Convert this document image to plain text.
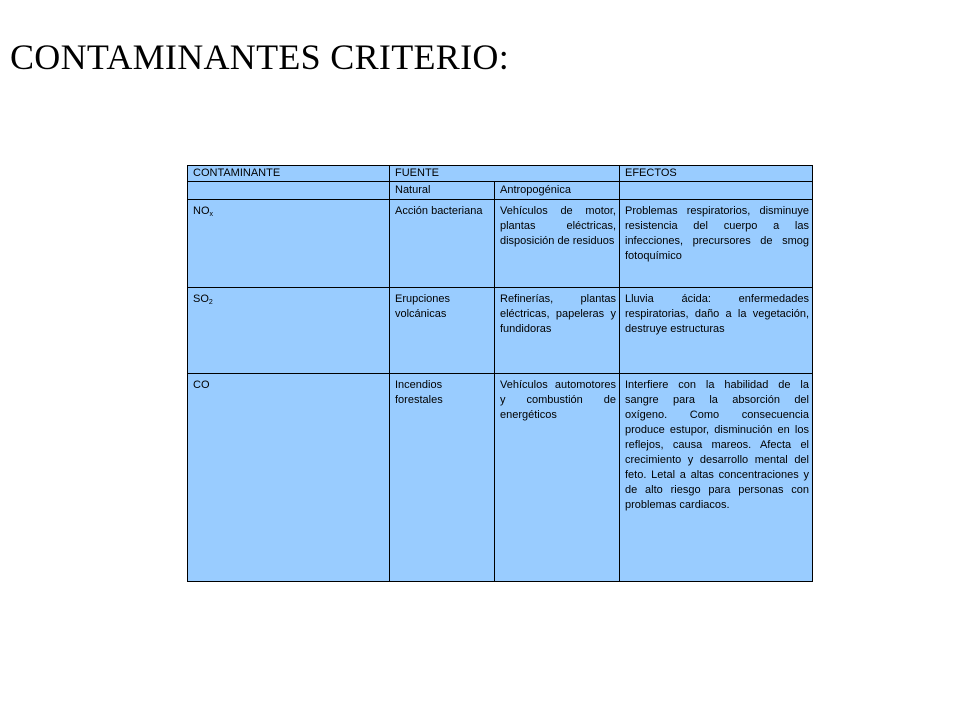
CONTAMINANTES CRITERIO:
CONTAMINANTE	FUENTE		EFECTOS
	Natural	Antropogénica	
$NO_x$	Acción bacteriana	Vehículos de motor, plantas eléctricas, disposición de residuos	Problemas respiratorios, disminuye resistencia del cuerpo a las infecciones, precursores de smog fotoquímico
$SO_2$	Erupciones volcánicas	Refinerías, plantas eléctricas, papeleras y fundidoras	Lluvia ácida: enfermedades respiratorias, daño a la vegetación, destruye estructuras
CO	Incendios forestales	Vehículos automotores y combustión de energéticos	Interfiere con la habilidad de la sangre para la absorción del oxígeno. Como consecuencia produce estupor, disminución en los reflejos, causa mareos. Afecta el crecimiento y desarrollo mental del feto. Letal a altas concentraciones y de alto riesgo para personas con problemas cardiacos.
